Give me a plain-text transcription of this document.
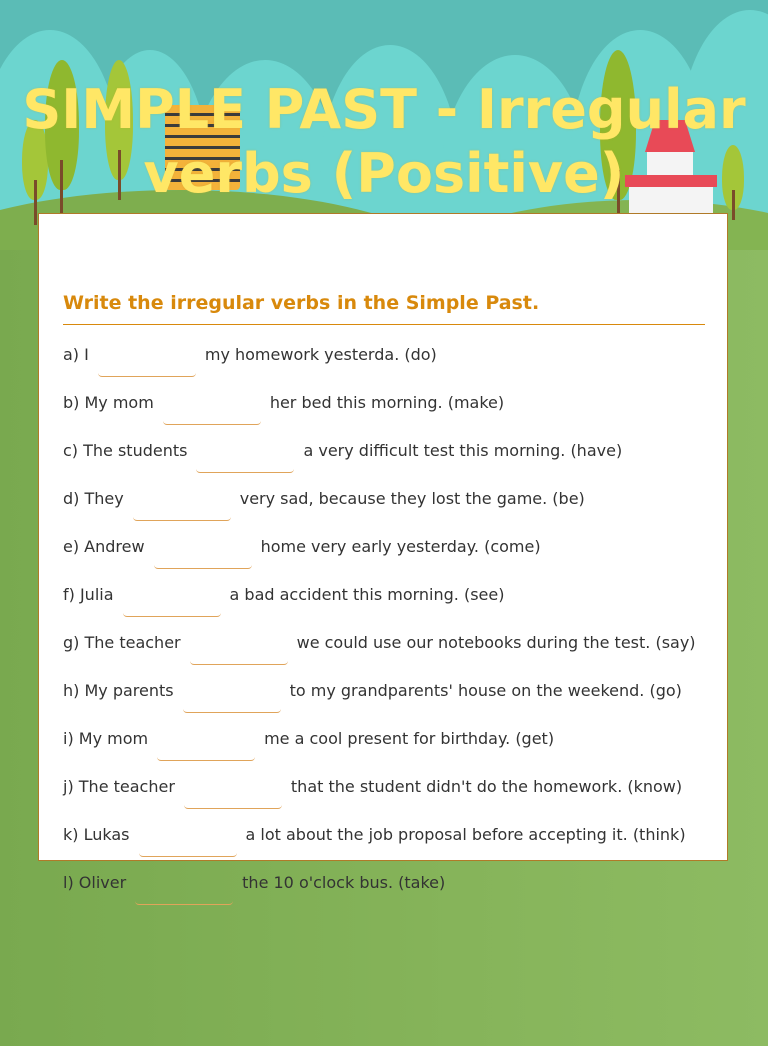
SIMPLE PAST - Irregular verbs (Positive)
Write the irregular verbs in the Simple Past.
a) I	my homework yesterda. (do)
b) My mom	her bed this morning. (make)
c) The students	a very difficult test this morning. (have)
d) They	very sad, because they lost the game. (be)
e) Andrew	home very early yesterday. (come)
f) Julia	a bad accident this morning. (see)
g) The teacher	we could use our notebooks during the test. (say)
h) My parents	to my grandparents' house on the weekend. (go)
i) My mom	me a cool present for birthday. (get)
j) The teacher	that the student didn't do the homework. (know)
k) Lukas	a lot about the job proposal before accepting it. (think)
l) Oliver	the 10 o'clock bus. (take)
